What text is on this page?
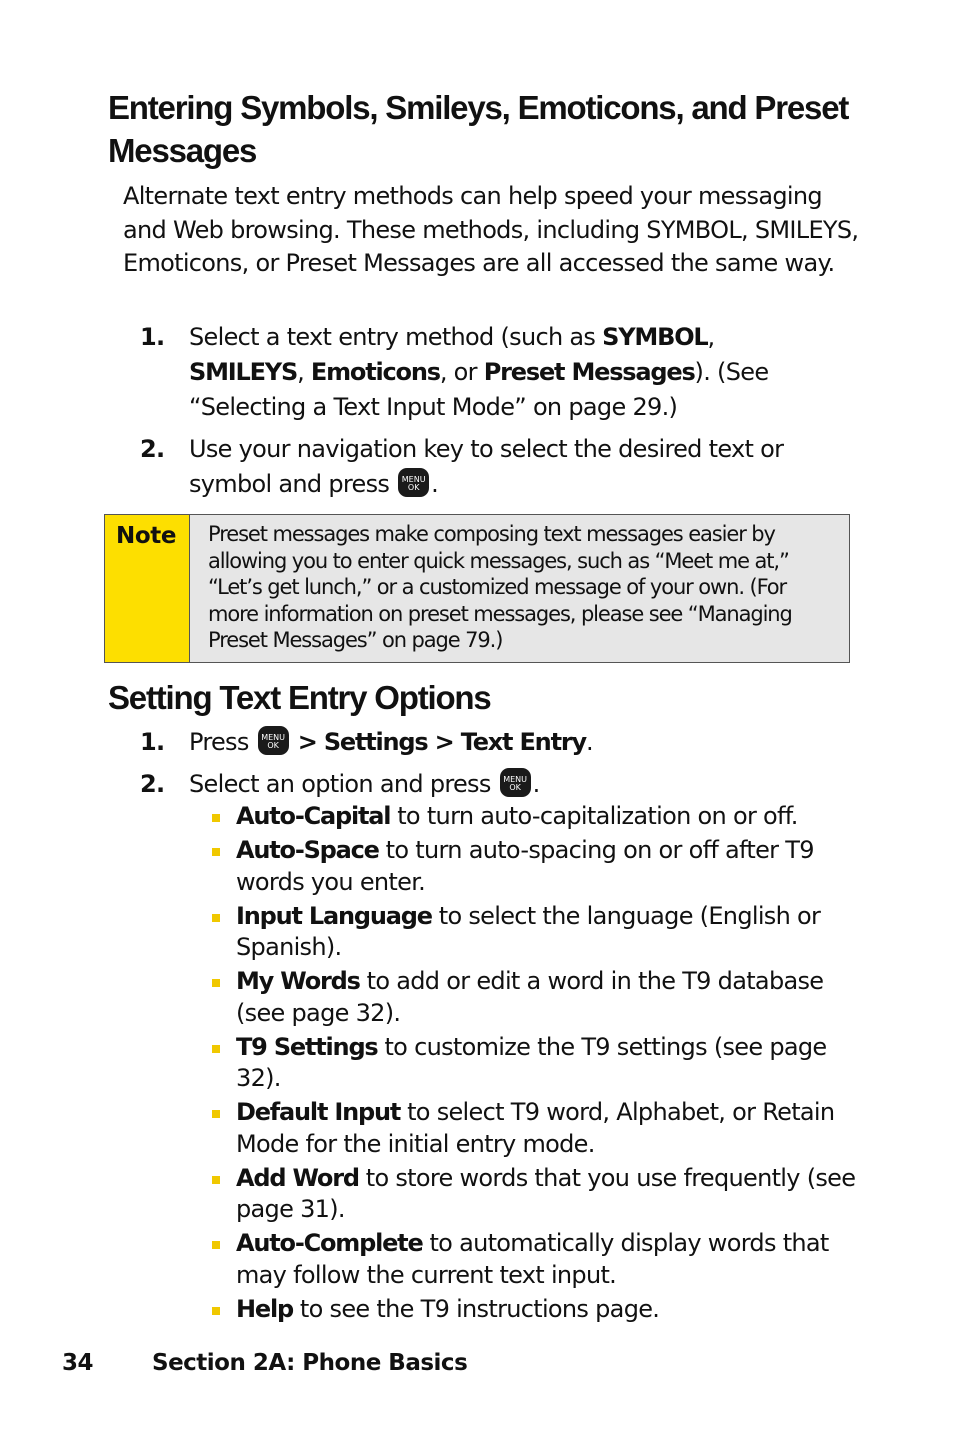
Entering Symbols, Smileys, Emoticons, and Preset Messages
Alternate text entry methods can help speed your messaging and Web browsing. These methods, including SYMBOL, SMILEYS, Emoticons, or Preset Messages are all accessed the same way.
1. Select a text entry method (such as SYMBOL, SMILEYS, Emoticons, or Preset Messages). (See “Selecting a Text Input Mode” on page 29.)
2. Use your navigation key to select the desired text or symbol and press MENU
OK .
Note	Preset messages make composing text messages easier by allowing you to enter quick messages, such as “Meet me at,” “Let’s get lunch,” or a customized message of your own. (For more information on preset messages, please see “Managing Preset Messages” on page 79.)
Setting Text Entry Options
1. Press MENU
OK > Settings > Text Entry.
2. Select an option and press MENU
OK .
Auto-Capital to turn auto-capitalization on or off.
Auto-Space to turn auto-spacing on or off after T9 words you enter.
Input Language to select the language (English or Spanish).
My Words to add or edit a word in the T9 database (see page 32).
T9 Settings to customize the T9 settings (see page 32).
Default Input to select T9 word, Alphabet, or Retain Mode for the initial entry mode.
Add Word to store words that you use frequently (see page 31).
Auto-Complete to automatically display words that may follow the current text input.
Help to see the T9 instructions page.
34	Section 2A: Phone Basics
